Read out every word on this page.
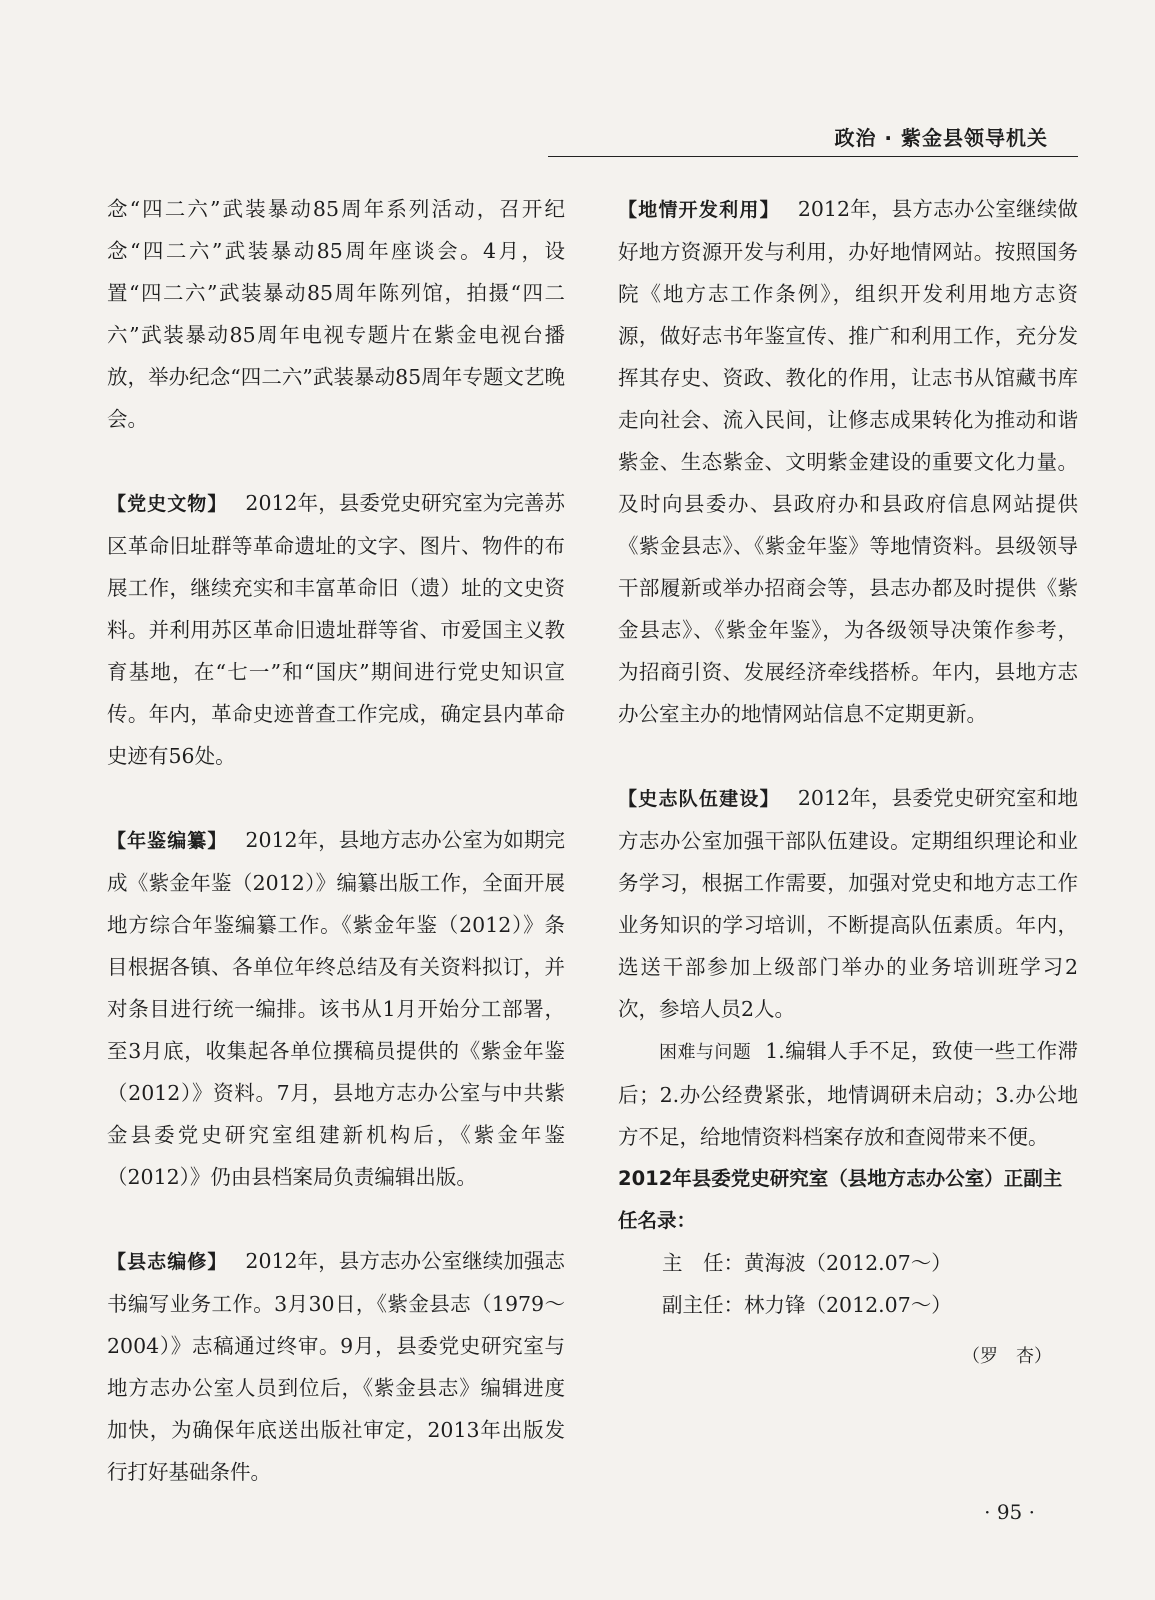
政治 · 紫金县领导机关

念“四二六”武装暴动85周年系列活动，召开纪念“四二六”武装暴动85周年座谈会。4月，设置“四二六”武装暴动85周年陈列馆，拍摄“四二六”武装暴动85周年电视专题片在紫金电视台播放，举办纪念“四二六”武装暴动85周年专题文艺晚会。

【党史文物】 2012年，县委党史研究室为完善苏区革命旧址群等革命遗址的文字、图片、物件的布展工作，继续充实和丰富革命旧（遗）址的文史资料。并利用苏区革命旧遗址群等省、市爱国主义教育基地，在“七一”和“国庆”期间进行党史知识宣传。年内，革命史迹普查工作完成，确定县内革命史迹有56处。

【年鉴编纂】 2012年，县地方志办公室为如期完成《紫金年鉴（2012）》编纂出版工作，全面开展地方综合年鉴编纂工作。《紫金年鉴（2012）》条目根据各镇、各单位年终总结及有关资料拟订，并对条目进行统一编排。该书从1月开始分工部署，至3月底，收集起各单位撰稿员提供的《紫金年鉴（2012）》资料。7月，县地方志办公室与中共紫金县委党史研究室组建新机构后，《紫金年鉴（2012）》仍由县档案局负责编辑出版。

【县志编修】 2012年，县方志办公室继续加强志书编写业务工作。3月30日，《紫金县志（1979～2004）》志稿通过终审。9月，县委党史研究室与地方志办公室人员到位后，《紫金县志》编辑进度加快，为确保年底送出版社审定，2013年出版发行打好基础条件。

【地情开发利用】 2012年，县方志办公室继续做好地方资源开发与利用，办好地情网站。按照国务院《地方志工作条例》，组织开发利用地方志资源，做好志书年鉴宣传、推广和利用工作，充分发挥其存史、资政、教化的作用，让志书从馆藏书库走向社会、流入民间，让修志成果转化为推动和谐紫金、生态紫金、文明紫金建设的重要文化力量。及时向县委办、县政府办和县政府信息网站提供《紫金县志》、《紫金年鉴》等地情资料。县级领导干部履新或举办招商会等，县志办都及时提供《紫金县志》、《紫金年鉴》，为各级领导决策作参考，为招商引资、发展经济牵线搭桥。年内，县地方志办公室主办的地情网站信息不定期更新。

【史志队伍建设】 2012年，县委党史研究室和地方志办公室加强干部队伍建设。定期组织理论和业务学习，根据工作需要，加强对党史和地方志工作业务知识的学习培训，不断提高队伍素质。年内，选送干部参加上级部门举办的业务培训班学习2次，参培人员2人。

困难与问题 1.编辑人手不足，致使一些工作滞后；2.办公经费紧张，地情调研未启动；3.办公地方不足，给地情资料档案存放和查阅带来不便。

2012年县委党史研究室（县地方志办公室）正副主任名录：

主　任：黄海波（2012.07～）

副主任：林力锋（2012.07～）

（罗　杏）

· 95 ·
